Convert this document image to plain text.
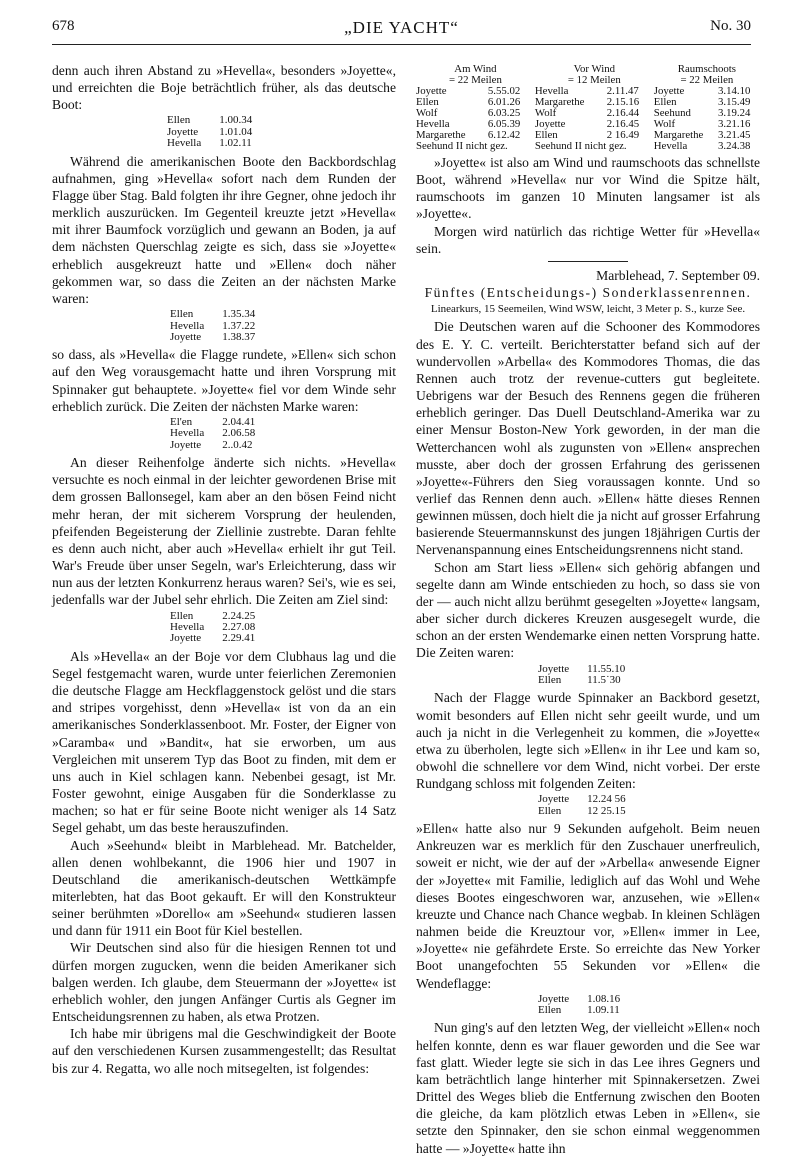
678	„DIE YACHT“	No. 30

denn auch ihren Abstand zu »Hevella«, besonders »Joyette«, und erreichten die Boje beträchtlich früher, als das deutsche Boot:

Ellen	1.00.34
Joyette	1.01.04
Hevella	1.02.11

Während die amerikanischen Boote den Backbordschlag aufnahmen, ging »Hevella« sofort nach dem Runden der Flagge über Stag. Bald folgten ihr ihre Gegner, ohne jedoch ihr merklich auszurücken. Im Gegenteil kreuzte jetzt »Hevella« mit ihrer Baumfock vorzüglich und gewann an Boden, ja auf dem nächsten Querschlag zeigte es sich, dass sie »Joyette« erheblich ausgekreuzt hatte und »Ellen« doch näher gekommen war, so dass die Zeiten an der nächsten Marke waren:

Ellen	1.35.34
Hevella	1.37.22
Joyette	1.38.37

so dass, als »Hevella« die Flagge rundete, »Ellen« sich schon auf den Weg vorausgemacht hatte und ihren Vorsprung mit Spinnaker gut behauptete. »Joyette« fiel vor dem Winde sehr erheblich zurück. Die Zeiten der nächsten Marke waren:

El'en	2.04.41
Hevella	2.06.58
Joyette	2..0.42

An dieser Reihenfolge änderte sich nichts. »Hevella« versuchte es noch einmal in der leichter gewordenen Brise mit dem grossen Ballonsegel, kam aber an den bösen Feind nicht mehr heran, der mit sicherem Vorsprung der heulenden, pfeifenden Begeisterung der Ziellinie zustrebte. Daran fehlte es denn auch nicht, aber auch »Hevella« erhielt ihr gut Teil. War's Freude über unser Segeln, war's Erleichterung, dass wir nun aus der letzten Konkurrenz heraus waren? Sei's, wie es sei, jedenfalls war der Jubel sehr ehrlich. Die Zeiten am Ziel sind:

Ellen	2.24.25
Hevella	2.27.08
Joyette	2.29.41

Als »Hevella« an der Boje vor dem Clubhaus lag und die Segel festgemacht waren, wurde unter feierlichen Zeremonien die deutsche Flagge am Heckflaggenstock gelöst und die stars and stripes vorgehisst, denn »Hevella« ist von da an ein amerikanisches Sonderklassenboot. Mr. Foster, der Eigner von »Caramba« und »Bandit«, hat sie erworben, um aus Vergleichen mit unserem Typ das Boot zu finden, mit dem er uns auch in Kiel schlagen kann. Nebenbei gesagt, ist Mr. Foster gewohnt, einige Ausgaben für die Sonderklasse zu machen; so hat er für seine Boote nicht weniger als 14 Satz Segel gehabt, um das beste herauszufinden.

Auch »Seehund« bleibt in Marblehead. Mr. Batchelder, allen denen wohlbekannt, die 1906 hier und 1907 in Deutschland die amerikanisch-deutschen Wettkämpfe miterlebten, hat das Boot gekauft. Er will den Konstrukteur seiner berühmten »Dorello« am »Seehund« studieren lassen und dann für 1911 ein Boot für Kiel bestellen.

Wir Deutschen sind also für die hiesigen Rennen tot und dürfen morgen zugucken, wenn die beiden Amerikaner sich balgen werden. Ich glaube, dem Steuermann der »Joyette« ist erheblich wohler, den jungen Anfänger Curtis als Gegner im Entscheidungsrennen zu haben, als etwa Protzen.

Ich habe mir übrigens mal die Geschwindigkeit der Boote auf den verschiedenen Kursen zusammengestellt; das Resultat bis zur 4. Regatta, wo alle noch mitsegelten, ist folgendes:

Am Wind		Vor Wind		Raumschoots	
= 22 Meilen		= 12 Meilen		= 22 Meilen	
Joyette	5.55.02	Hevella	2.11.47	Joyette	3.14.10
Ellen	6.01.26	Margarethe	2.15.16	Ellen	3.15.49
Wolf	6.03.25	Wolf	2.16.44	Seehund	3.19.24
Hevella	6.05.39	Joyette	2.16.45	Wolf	3.21.16
Margarethe	6.12.42	Ellen	2 16.49	Margarethe	3.21.45
Seehund II nicht gez.		Seehund II nicht gez.		Hevella	3.24.38

»Joyette« ist also am Wind und raumschoots das schnellste Boot, während »Hevella« nur vor Wind die Spitze hält, raumschoots im ganzen 10 Minuten langsamer ist als »Joyette«.

Morgen wird natürlich das richtige Wetter für »Hevella« sein.

Marblehead, 7. September 09.

Fünftes (Entscheidungs-) Sonderklassenrennen.

Linearkurs, 15 Seemeilen, Wind WSW, leicht, 3 Meter p. S., kurze See.

Die Deutschen waren auf die Schooner des Kommodores des E. Y. C. verteilt. Berichterstatter befand sich auf der wundervollen »Arbella« des Kommodores Thomas, die das Rennen auch trotz der revenue-cutters gut begleitete. Uebrigens war der Besuch des Rennens gegen die früheren erheblich geringer. Das Duell Deutschland-Amerika war zu einer Mensur Boston-New York geworden, in der man die Wetterchancen wohl als zugunsten von »Ellen« ansprechen musste, aber doch der grossen Erfahrung des gerissenen »Joyette«-Führers den Sieg voraussagen konnte. Und so verlief das Rennen denn auch. »Ellen« hätte dieses Rennen gewinnen müssen, doch hielt die ja nicht auf grosser Erfahrung basierende Steuermannskunst des jungen 18jährigen Curtis der Nervenanspannung eines Entscheidungsrennens nicht stand.

Schon am Start liess »Ellen« sich gehörig abfangen und segelte dann am Winde entschieden zu hoch, so dass sie von der — auch nicht allzu berühmt gesegelten »Joyette« langsam, aber sicher durch dickeres Kreuzen ausgesegelt wurde, die schon an der ersten Wendemarke einen netten Vorsprung hatte. Die Zeiten waren:

Joyette	11.55.10
Ellen	11.5˙30

Nach der Flagge wurde Spinnaker an Backbord gesetzt, womit besonders auf Ellen nicht sehr geeilt wurde, und um auch ja nicht in die Verlegenheit zu kommen, die »Joyette« etwa zu überholen, legte sich »Ellen« in ihr Lee und kam so, obwohl die schnellere vor dem Wind, nicht vorbei. Der erste Rundgang schloss mit folgenden Zeiten:

Joyette	12.24 56
Ellen	12 25.15

»Ellen« hatte also nur 9 Sekunden aufgeholt. Beim neuen Ankreuzen war es merklich für den Zuschauer unerfreulich, soweit er nicht, wie der auf der »Arbella« anwesende Eigner der »Joyette« mit Familie, lediglich auf das Wohl und Wehe dieses Bootes eingeschworen war, anzusehen, wie »Ellen« kreuzte und Chance nach Chance wegbab. In kleinen Schlägen nahmen beide die Kreuztour vor, »Ellen« immer in Lee, »Joyette« nie gefährdete Erste. So erreichte das New Yorker Boot unangefochten 55 Sekunden vor »Ellen« die Wendeflagge:

Joyette	1.08.16
Ellen	1.09.11

Nun ging's auf den letzten Weg, der vielleicht »Ellen« noch helfen konnte, denn es war flauer geworden und die See war fast glatt. Wieder legte sie sich in das Lee ihres Gegners und kam beträchtlich lange hinterher mit Spinnakersetzen. Zwei Drittel des Weges blieb die Entfernung zwischen den Booten die gleiche, da kam plötzlich etwas Leben in »Ellen«, sie setzte den Spinnaker, den sie schon einmal weggenommen hatte — »Joyette« hatte ihn
